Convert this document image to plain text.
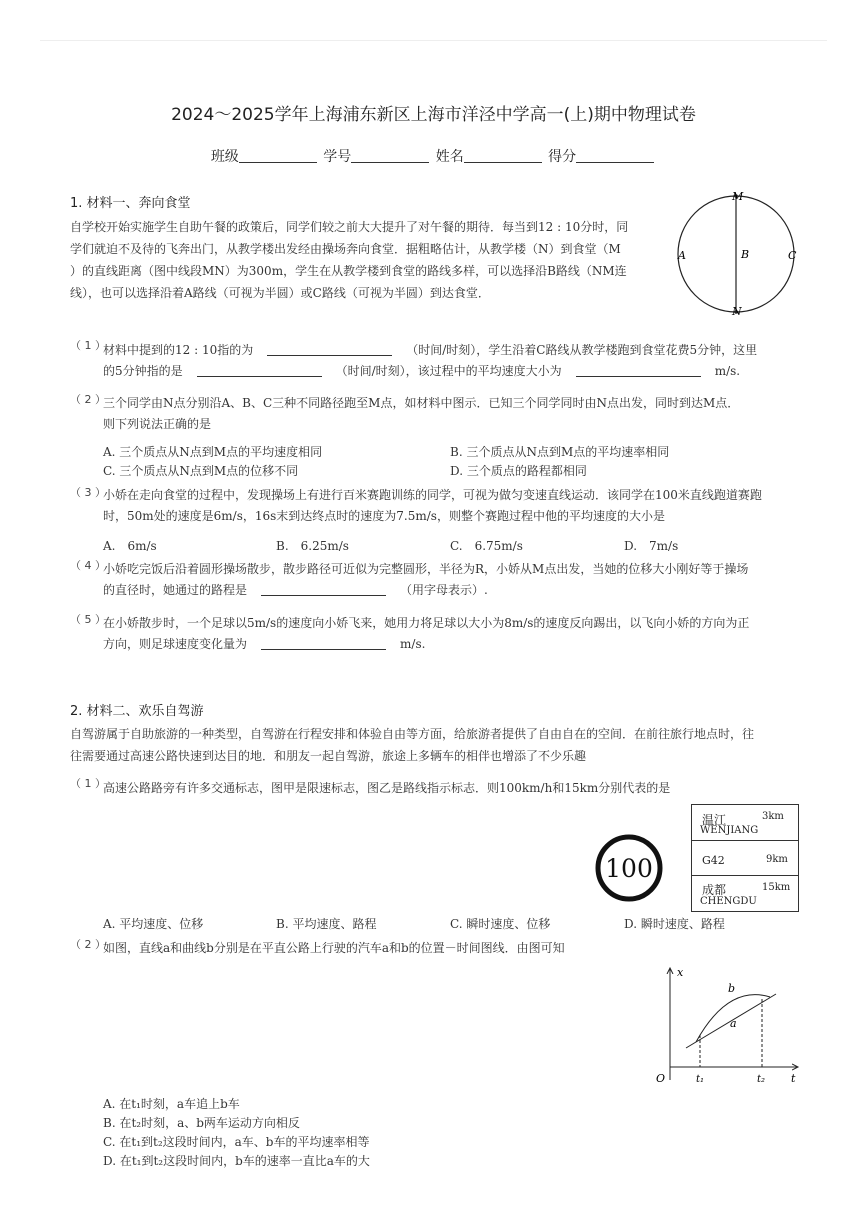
2024～2025学年上海浦东新区上海市洋泾中学高一(上)期中物理试卷
班级	学号	姓名	得分
1. 材料一、奔向食堂
自学校开始实施学生自助午餐的政策后，同学们较之前大大提升了对午餐的期待．每当到12 : 10分时，同
学们就迫不及待的飞奔出门，从教学楼出发经由操场奔向食堂．据粗略估计，从教学楼（N）到食堂（M
）的直线距离（图中线段MN）为300m，学生在从教学楼到食堂的路线多样，可以选择沿B路线（NM连
线），也可以选择沿着A路线（可视为半圆）或C路线（可视为半圆）到达食堂．
M
N
A	B	C
（ 1 ）
材料中提到的12 : 10指的为	（时间/时刻），学生沿着C路线从教学楼跑到食堂花费5分钟，这里
的5分钟指的是	（时间/时刻），该过程中的平均速度大小为	m/s.
（ 2 ）
三个同学由N点分别沿A、B、C三种不同路径跑至M点，如材料中图示．已知三个同学同时由N点出发，同时到达M点．
则下列说法正确的是
A. 三个质点从N点到M点的平均速度相同	B. 三个质点从N点到M点的平均速率相同
C. 三个质点从N点到M点的位移不同	D. 三个质点的路程都相同
（ 3 ）
小娇在走向食堂的过程中，发现操场上有进行百米赛跑训练的同学，可视为做匀变速直线运动．该同学在100米直线跑道赛跑
时，50m处的速度是6m/s，16s末到达终点时的速度为7.5m/s，则整个赛跑过程中他的平均速度的大小是
A.　6m/s	B.　6.25m/s	C.　6.75m/s	D.　7m/s
（ 4 ）
小娇吃完饭后沿着圆形操场散步，散步路径可近似为完整圆形，半径为R，小娇从M点出发，当她的位移大小刚好等于操场
的直径时，她通过的路程是	（用字母表示）.
（ 5 ）
在小娇散步时，一个足球以5m/s的速度向小娇飞来，她用力将足球以大小为8m/s的速度反向踢出，以飞向小娇的方向为正
方向，则足球速度变化量为	m/s.
2. 材料二、欢乐自驾游
自驾游属于自助旅游的一种类型，自驾游在行程安排和体验自由等方面，给旅游者提供了自由自在的空间．在前往旅行地点时，往
往需要通过高速公路快速到达目的地．和朋友一起自驾游，旅途上多辆车的相伴也增添了不少乐趣
（ 1 ）
高速公路路旁有许多交通标志，图甲是限速标志，图乙是路线指示标志．则100km/h和15km分别代表的是
100
温江	3km
WENJIANG
G42	9km
成都	15km
CHENGDU
A. 平均速度、位移	B. 平均速度、路程	C. 瞬时速度、位移	D. 瞬时速度、路程
（ 2 ）
如图，直线a和曲线b分别是在平直公路上行驶的汽车a和b的位置－时间图线．由图可知
x
t
O	t₁	t₂
a
b
A. 在t₁时刻，a车追上b车
B. 在t₂时刻，a、b两车运动方向相反
C. 在t₁到t₂这段时间内，a车、b车的平均速率相等
D. 在t₁到t₂这段时间内，b车的速率一直比a车的大
